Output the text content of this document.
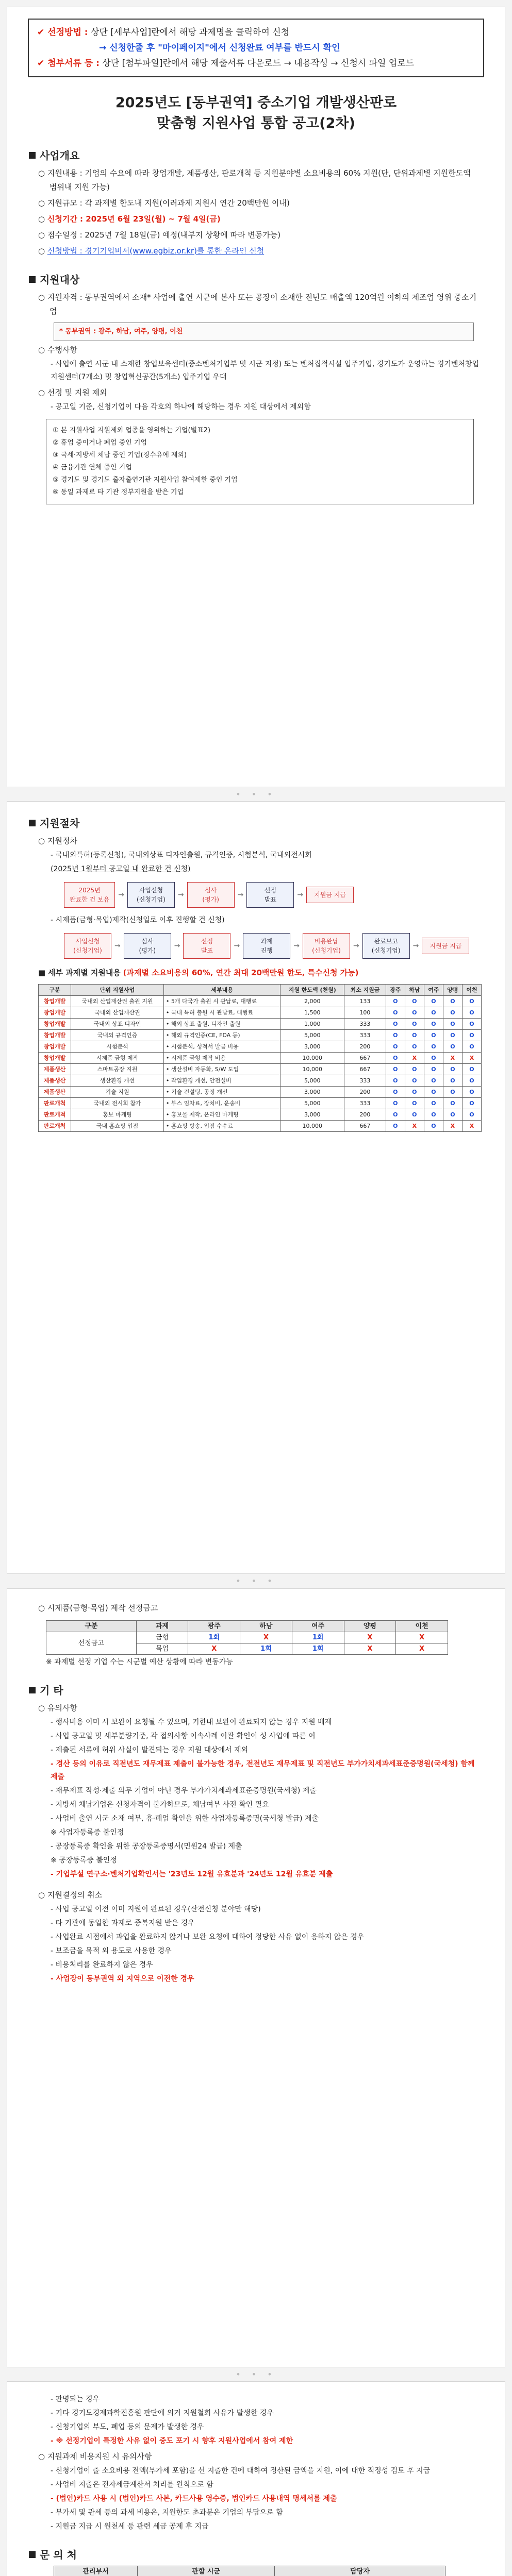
✔ 선정방법 : 상단 [세부사업]란에서 해당 과제명을 클릭하여 신청
→ 신청한줄 후 "마이페이지"에서 신청완료 여부를 반드시 확인
✔ 첨부서류 등 : 상단 [첨부파일]란에서 해당 제출서류 다운로드 → 내용작성 → 신청시 파일 업로드
2025년도 [동부권역] 중소기업 개발생산판로
맞춤형 지원사업 통합 공고(2차)
사업개요
○ 지원내용 : 기업의 수요에 따라 창업개발, 제품생산, 판로개척 등 지원분야별 소요비용의 60% 지원(단, 단위과제별 지원한도액 범위내 지원 가능)
○ 지원규모 : 각 과제별 한도내 지원(이러과제 지원시 연간 20백만원 이내)
○ 신청기간 : 2025년 6월 23일(월) ~ 7월 4일(금)
○ 접수일정 : 2025년 7월 18일(금) 예정(내부지 상황에 따라 변동가능)
○ 신청방법 : 경기기업비서(www.egbiz.or.kr)를 통한 온라인 신청
지원대상
○ 지원자격 : 동부권역에서 소재* 사업에 출연 시군에 본사 또는 공장이 소재한 전년도 매출액 120억원 이하의 제조업 영위 중소기업
* 동부권역 : 광주, 하남, 여주, 양평, 이천
○ 수행사항
- 사업에 출연 시군 내 소재한 창업보육센터(중소벤처기업부 및 시군 지정) 또는 벤처집적시설 입주기업, 경기도가 운영하는 경기벤처창업지원센터(7개소) 및 창업혁신공간(5개소) 입주기업 우대
○ 선정 및 지원 제외
- 공고일 기준, 신청기업이 다음 각호의 하나에 해당하는 경우 지원 대상에서 제외함
① 본 지원사업 지원제외 업종을 영위하는 기업(별표2)
② 휴업 중이거나 폐업 중인 기업
③ 국세·지방세 체납 중인 기업(징수유예 제외)
④ 금융기관 연체 중인 기업
⑤ 경기도 및 경기도 출자출연기관 지원사업 참여제한 중인 기업
⑥ 동일 과제로 타 기관 정부지원을 받은 기업
• • •
지원절차
○ 지원정차
- 국내외특허(등록신청), 국내외상표 디자인출원, 규격인증, 시험분석, 국내외전시회
(2025년 1월부터 공고일 내 완료한 건 신청)
2025년
완료한 건 보유
→
사업신청
(신청기업)
→
심사
(평가)
→
선정
발표
→	지원금 지급
- 시제품(금형·목업)제작(신청일로 이후 진행할 건 신청)
사업신청
(신청기업)
→
심사
(평가)
→
선정
발표
→
과제
진행
→
비용완납
(신청기업)
→
완료보고
(신청기업)
→	지원금 지급
■ 세부 과제별 지원내용 (과제별 소요비용의 60%, 연간 최대 20백만원 한도, 특수신청 가능)
구분	단위 지원사업	세부내용	지원 한도액 (천원)	최소 지원금	광주	하남	여주	양평	이천
창업개발	국내외 산업재산권 출원 지원	• 5개 다국가 출원 시 관납료, 대행료	2,000	133	O	O	O	O	O
창업개발	국내외 산업재산권	• 국내 특허 출원 시 관납료, 대행료	1,500	100	O	O	O	O	O
창업개발	국내외 상표 디자인	• 해외 상표 출원, 디자인 출원	1,000	333	O	O	O	O	O
창업개발	국내외 규격인증	• 해외 규격인증(CE, FDA 등)	5,000	333	O	O	O	O	O
창업개발	시험분석	• 시험분석, 성적서 발급 비용	3,000	200	O	O	O	O	O
창업개발	시제품 금형 제작	• 시제품 금형 제작 비용	10,000	667	O	X	O	X	X
제품생산	스마트공장 지원	• 생산설비 자동화, S/W 도입	10,000	667	O	O	O	O	O
제품생산	생산환경 개선	• 작업환경 개선, 안전설비	5,000	333	O	O	O	O	O
제품생산	기술 지원	• 기술 컨설팅, 공정 개선	3,000	200	O	O	O	O	O
판로개척	국내외 전시회 참가	• 부스 임차료, 장치비, 운송비	5,000	333	O	O	O	O	O
판로개척	홍보 마케팅	• 홍보물 제작, 온라인 마케팅	3,000	200	O	O	O	O	O
판로개척	국내 홈쇼핑 입점	• 홈쇼핑 방송, 입점 수수료	10,000	667	O	X	O	X	X
• • •
○ 시제품(금형·목업) 제작 선정금고
구분	과제	광주	하남	여주	양평	이천
선정금고	금형	1회	X	1회	X	X
	목업	X	1회	1회	X	X
※ 과제별 선정 기업 수는 시군별 예산 상황에 따라 변동가능
기 타
○ 유의사항
- 행사비용 이미 시 보완이 요청될 수 있으며, 기한내 보완이 완료되지 않는 경우 지원 배제
- 사업 공고일 및 세부분량기준, 각 접의사항 이속사례 이관 확인이 성 사업에 따른 여
- 제출된 서류에 허위 사실이 발견되는 경우 지원 대상에서 제외
- 경산 등의 이유로 직전년도 재무제표 제출이 불가능한 경우, 전전년도 재무제표 및 직전년도 부가가치세과세표준증명원(국세청) 함께 제출
- 재무제표 작성·제출 의무 기업이 아닌 경우 부가가치세과세표준증명원(국세청) 제출
- 지방세 체납기업은 신청자격이 불가하므로, 체납여부 사전 확인 필요
- 사업비 출연 시군 소재 여부, 휴·폐업 확인을 위한 사업자등록증명(국세청 발급) 제출
※ 사업자등록증 불인정
- 공장등록증 확인을 위한 공장등록증명서(민원24 발급) 제출
※ 공장등록증 불인정
- 기업부설 연구소·벤처기업확인서는 '23년도 12월 유효분과 '24년도 12월 유효분 제출
○ 지원결정의 취소
- 사업 공고일 이전 이미 지원이 완료된 경우(산전신청 분야만 해당)
- 타 기관에 동일한 과제로 중복지원 받은 경우
- 사업완료 시점에서 과업을 완료하지 않거나 보완 요청에 대하여 정당한 사유 없이 응하지 않은 경우
- 보조금을 목적 외 용도로 사용한 경우
- 비용처리를 완료하지 않은 경우
- 사업장이 동부권역 외 지역으로 이전한 경우
• • •
- 판명되는 경우
- 기타 경기도경제과학진흥원 판단에 의거 지원철회 사유가 발생한 경우
- 신청기업의 부도, 폐업 등의 문제가 발생한 경우
- ※ 선정기업이 특정한 사유 없이 중도 포기 시 향후 지원사업에서 참여 제한
○ 지원과제 비용지원 시 유의사항
- 신청기업이 출 소요비용 전액(부가세 포함)을 선 지출한 건에 대하여 정산된 금액을 지원, 이에 대한 적정성 검토 후 지급
- 사업비 지출은 전자세금계산서 처리를 원칙으로 함
- (법인)카드 사용 시 (법인)카드 사본, 카드사용 영수증, 법인카드 사용내역 명세서를 제출
- 부가세 및 관세 등의 과세 비용은, 지원한도 초과분은 기업의 부담으로 함
- 지원금 지급 시 원천세 등 관련 세금 공제 후 지급
문 의 처
관리부서	관할 시군	담당자
